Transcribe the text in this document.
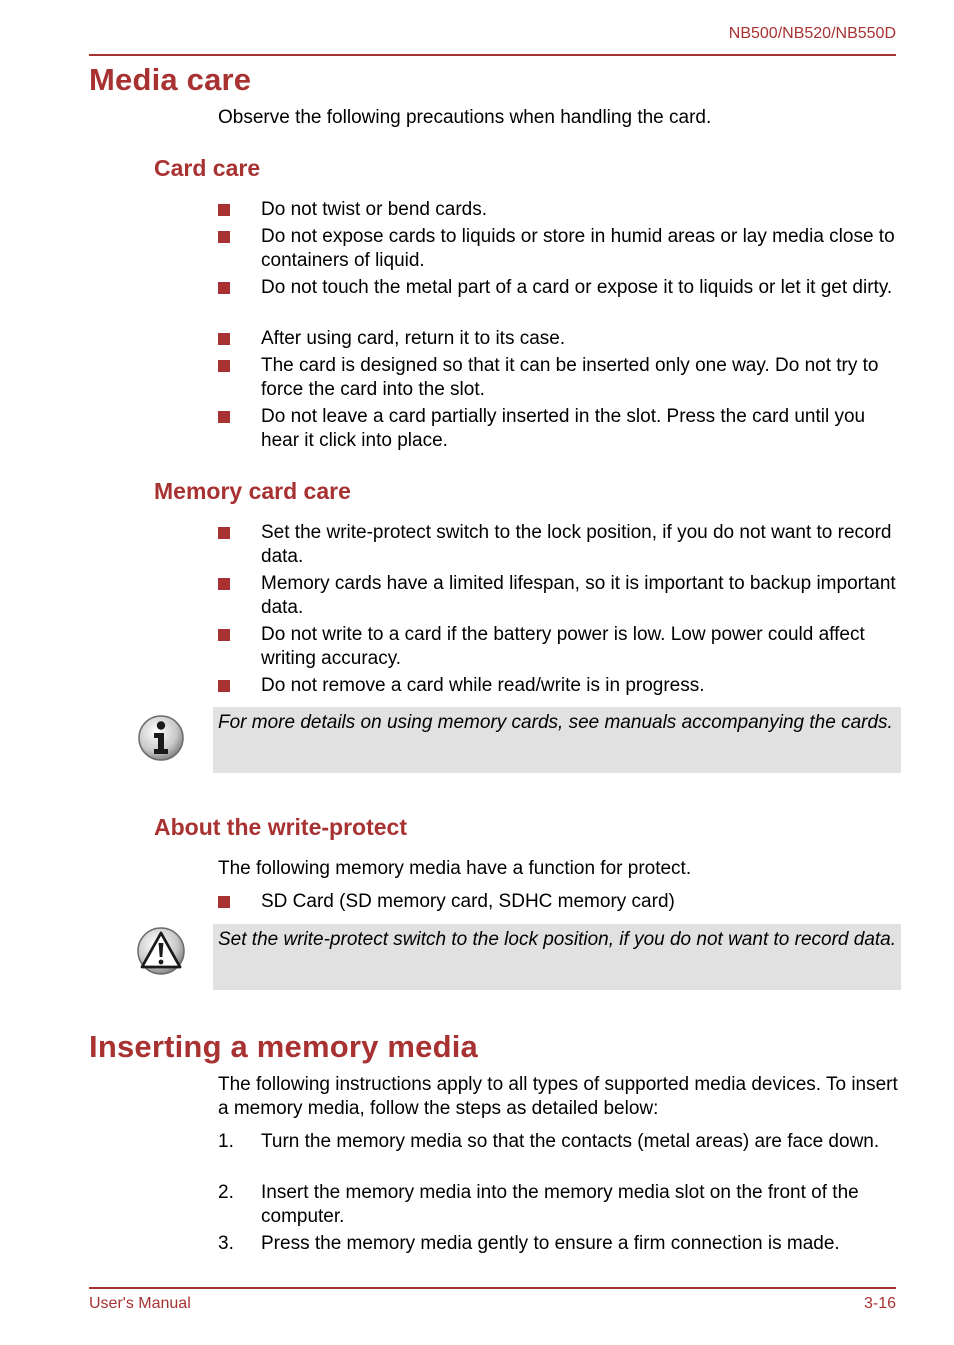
NB500/NB520/NB550D
Media care
Observe the following precautions when handling the card.
Card care
Do not twist or bend cards.
Do not expose cards to liquids or store in humid areas or lay media close to containers of liquid.
Do not touch the metal part of a card or expose it to liquids or let it get dirty.
After using card, return it to its case.
The card is designed so that it can be inserted only one way. Do not try to force the card into the slot.
Do not leave a card partially inserted in the slot. Press the card until you hear it click into place.
Memory card care
Set the write-protect switch to the lock position, if you do not want to record data.
Memory cards have a limited lifespan, so it is important to backup important data.
Do not write to a card if the battery power is low. Low power could affect writing accuracy.
Do not remove a card while read/write is in progress.
For more details on using memory cards, see manuals accompanying the cards.
About the write-protect
The following memory media have a function for protect.
SD Card (SD memory card, SDHC memory card)
Set the write-protect switch to the lock position, if you do not want to record data.
Inserting a memory media
The following instructions apply to all types of supported media devices. To insert a memory media, follow the steps as detailed below:
1. Turn the memory media so that the contacts (metal areas) are face down.
2. Insert the memory media into the memory media slot on the front of the computer.
3. Press the memory media gently to ensure a firm connection is made.
User's Manual	3-16
